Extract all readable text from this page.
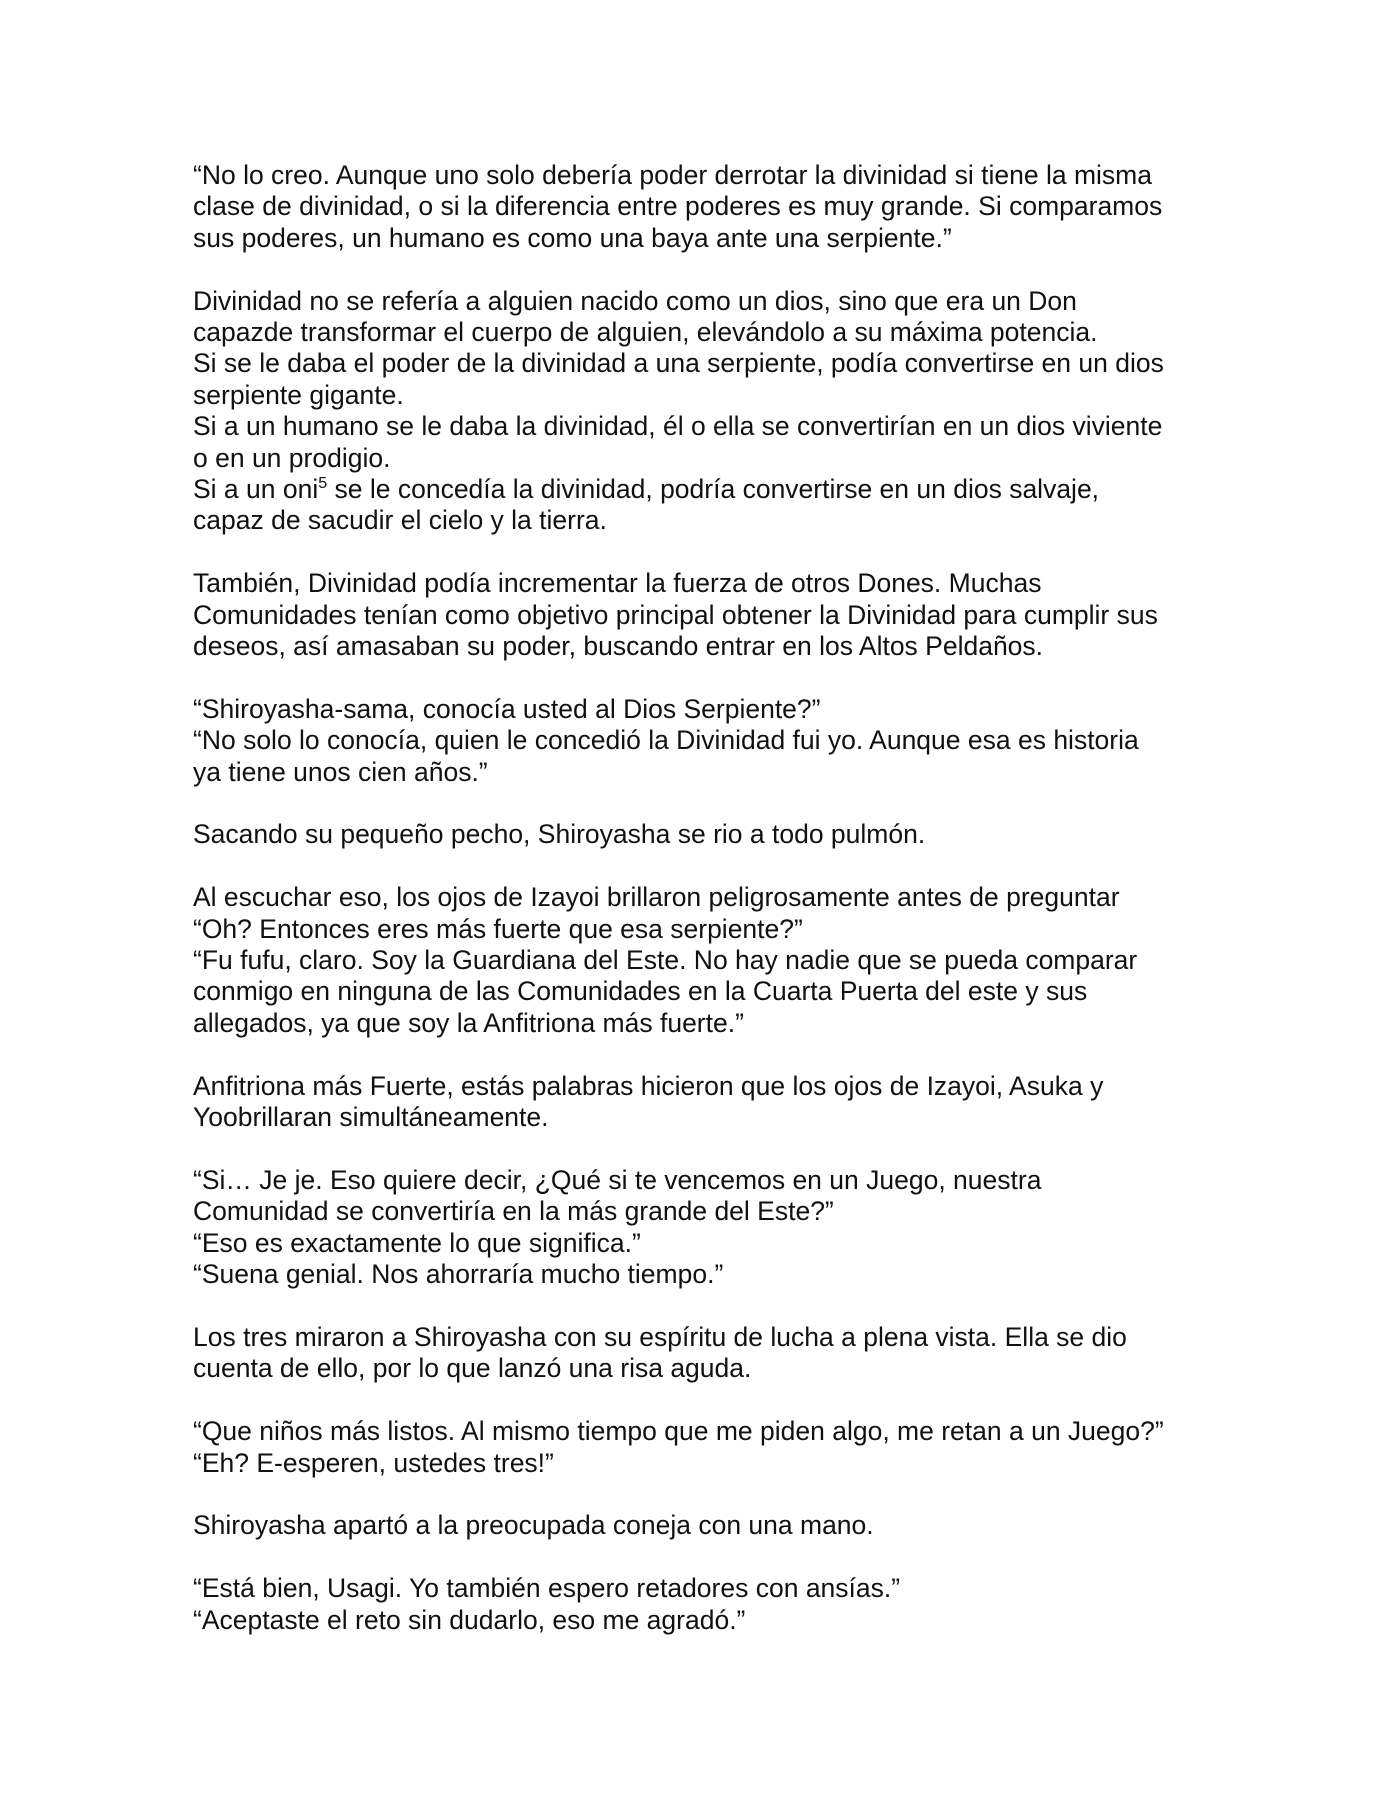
“No lo creo. Aunque uno solo debería poder derrotar la divinidad si tiene la misma
clase de divinidad, o si la diferencia entre poderes es muy grande. Si comparamos
sus poderes, un humano es como una baya ante una serpiente.”

Divinidad no se refería a alguien nacido como un dios, sino que era un Don
capazde transformar el cuerpo de alguien, elevándolo a su máxima potencia.
Si se le daba el poder de la divinidad a una serpiente, podía convertirse en un dios
serpiente gigante.
Si a un humano se le daba la divinidad, él o ella se convertirían en un dios viviente
o en un prodigio.
Si a un oni$^5$ se le concedía la divinidad, podría convertirse en un dios salvaje,
capaz de sacudir el cielo y la tierra.

También, Divinidad podía incrementar la fuerza de otros Dones. Muchas
Comunidades tenían como objetivo principal obtener la Divinidad para cumplir sus
deseos, así amasaban su poder, buscando entrar en los Altos Peldaños.

“Shiroyasha-sama, conocía usted al Dios Serpiente?”
“No solo lo conocía, quien le concedió la Divinidad fui yo. Aunque esa es historia
ya tiene unos cien años.”

Sacando su pequeño pecho, Shiroyasha se rio a todo pulmón.

Al escuchar eso, los ojos de Izayoi brillaron peligrosamente antes de preguntar
“Oh? Entonces eres más fuerte que esa serpiente?”
“Fu fufu, claro. Soy la Guardiana del Este. No hay nadie que se pueda comparar
conmigo en ninguna de las Comunidades en la Cuarta Puerta del este y sus
allegados, ya que soy la Anfitriona más fuerte.”

Anfitriona más Fuerte, estás palabras hicieron que los ojos de Izayoi, Asuka y
Yoobrillaran simultáneamente.

“Si… Je je. Eso quiere decir, ¿Qué si te vencemos en un Juego, nuestra
Comunidad se convertiría en la más grande del Este?”
“Eso es exactamente lo que significa.”
“Suena genial. Nos ahorraría mucho tiempo.”

Los tres miraron a Shiroyasha con su espíritu de lucha a plena vista. Ella se dio
cuenta de ello, por lo que lanzó una risa aguda.

“Que niños más listos. Al mismo tiempo que me piden algo, me retan a un Juego?”
“Eh? E-esperen, ustedes tres!”

Shiroyasha apartó a la preocupada coneja con una mano.

“Está bien, Usagi. Yo también espero retadores con ansías.”
“Aceptaste el reto sin dudarlo, eso me agradó.”
